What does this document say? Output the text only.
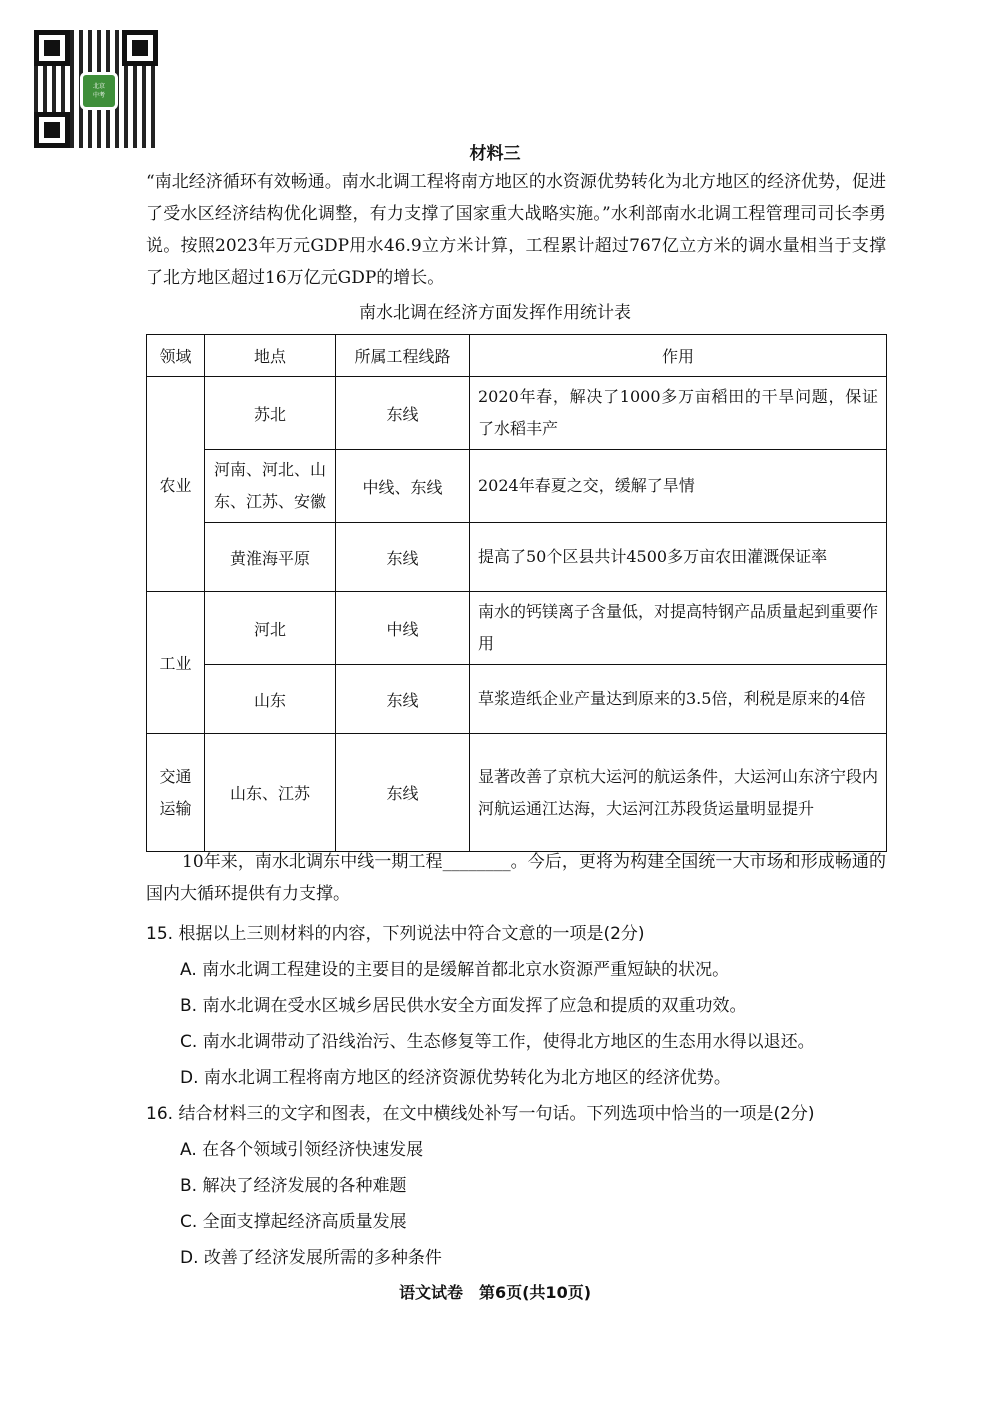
北京
中考
材料三
“南北经济循环有效畅通。南水北调工程将南方地区的水资源优势转化为北方地区的经济优势，促进了受水区经济结构优化调整，有力支撑了国家重大战略实施。”水利部南水北调工程管理司司长李勇说。按照2023年万元GDP用水46.9立方米计算，工程累计超过767亿立方米的调水量相当于支撑了北方地区超过16万亿元GDP的增长。
南水北调在经济方面发挥作用统计表
领域	地点	所属工程线路	作用
农业	苏北	东线	2020年春，解决了1000多万亩稻田的干旱问题，保证了水稻丰产
	河南、河北、山东、江苏、安徽	中线、东线	2024年春夏之交，缓解了旱情
	黄淮海平原	东线	提高了50个区县共计4500多万亩农田灌溉保证率
工业	河北	中线	南水的钙镁离子含量低，对提高特钢产品质量起到重要作用
	山东	东线	草浆造纸企业产量达到原来的3.5倍，利税是原来的4倍
交通运输	山东、江苏	东线	显著改善了京杭大运河的航运条件，大运河山东济宁段内河航运通江达海，大运河江苏段货运量明显提升
10年来，南水北调东中线一期工程________。今后，更将为构建全国统一大市场和形成畅通的国内大循环提供有力支撑。
15. 根据以上三则材料的内容，下列说法中符合文意的一项是(2分)
A. 南水北调工程建设的主要目的是缓解首都北京水资源严重短缺的状况。
B. 南水北调在受水区城乡居民供水安全方面发挥了应急和提质的双重功效。
C. 南水北调带动了沿线治污、生态修复等工作，使得北方地区的生态用水得以退还。
D. 南水北调工程将南方地区的经济资源优势转化为北方地区的经济优势。
16. 结合材料三的文字和图表，在文中横线处补写一句话。下列选项中恰当的一项是(2分)
A. 在各个领域引领经济快速发展
B. 解决了经济发展的各种难题
C. 全面支撑起经济高质量发展
D. 改善了经济发展所需的多种条件
语文试卷　第6页(共10页)
